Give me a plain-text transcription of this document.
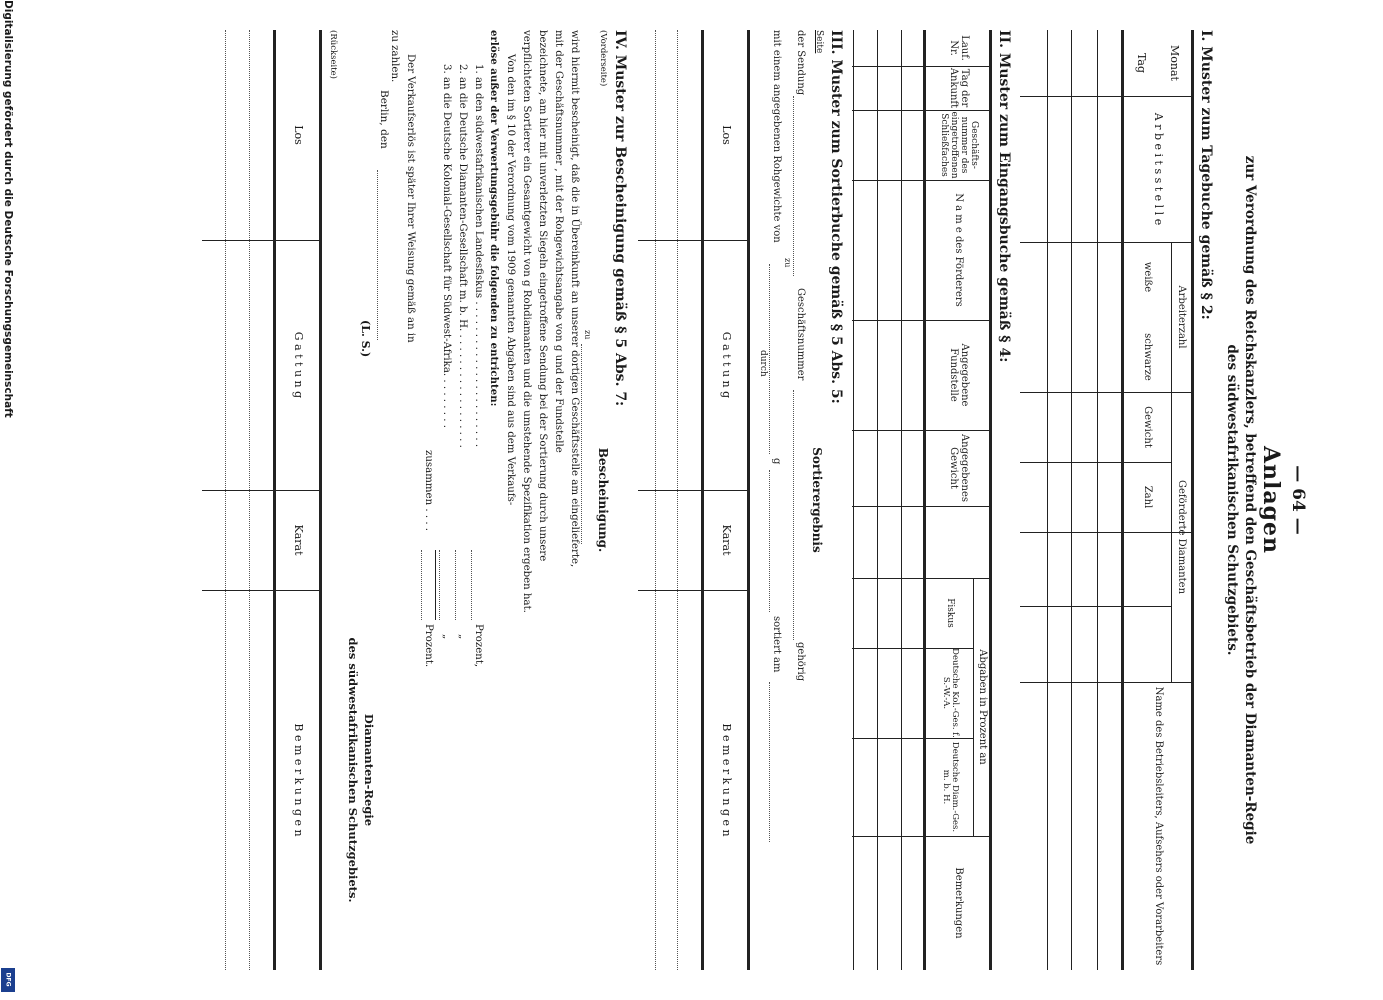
Digitalisierung gefördert durch die Deutsche Forschungsgemeinschaft
DFG
— 64 —
Anlagen
zur Verordnung des Reichskanzlers, betreffend den Geschäftsbetrieb der Diamanten-Regie
des südwestafrikanischen Schutzgebiets.
I. Muster zum Tagebuche gemäß § 2:
Monat
Tag
A r b e i t s s t e l l e
Arbeiterzahl
Geförderte Diamanten
weiße
schwarze
Gewicht
Zahl
Name des Betriebsleiters, Aufsehers oder Vorarbeiters
II. Muster zum Eingangsbuche gemäß § 4:
Lauf. Nr.
Tag der Ankunft
Geschäfts-nummer des eingetroffenen Schließfaches
N a m e des Förderers
Angegebene Fundstelle
Angegebenes Gewicht
Abgaben in Prozent an
Fiskus
Deutsche Kol.-Ges. f. S.-W.-A.
Deutsche Diam.-Ges. m. b. H.
Bemerkungen
III. Muster zum Sortierbuche gemäß § 5 Abs. 5:
Seite
Sortierergebnis
der Sendung
Geschäftsnummer
gehörig
zu
mit einem angegebenen Rohgewichte von
g
sortiert am
durch
Los
G a t t u n g
Karat
B e m e r k u n g e n
IV. Muster zur Bescheinigung gemäß § 5 Abs. 7:
(Vorderseite)
Bescheinigung.
zu
wird hiermit bescheinigt, daß die in Übereinkunft an unserer dortigen Geschäftsstelle am eingelieferte,
mit der Geschäftsnummer , mit der Rohgewichtsangabe von g und der Fundstelle
bezeichnete, am hier mit unverletzten Siegeln eingetroffene Sendung bei der Sortierung durch unsere
verpflichteten Sortierer ein Gesamtgewicht von g Rohdiamanten und die umstehende Spezifikation ergeben hat.
Von den im § 10 der Verordnung vom 1909 genannten Abgaben sind aus dem Verkaufs-
erlöse außer der Verwertungsgebühr die folgenden zu entrichten:
1. an den südwestafrikanischen Landesfiskus . . . . . . . . . . . . . . . . . . . . . . .
2. an die Deutsche Diamanten-Gesellschaft m. b. H. . . . . . . . . . . . . . . . . . .
3. an die Deutsche Kolonial-Gesellschaft für Südwest-Afrika. . . . . . . . .
Prozent,
„
„
zusammen . . . .
Prozent.
Der Verkaufserlös ist später Ihrer Weisung gemäß an in
zu zahlen.
Berlin, den
(L. S.)
Diamanten-Regie
des südwestafrikanischen Schutzgebiets.
(Rückseite)
Los
G a t t u n g
Karat
B e m e r k u n g e n
